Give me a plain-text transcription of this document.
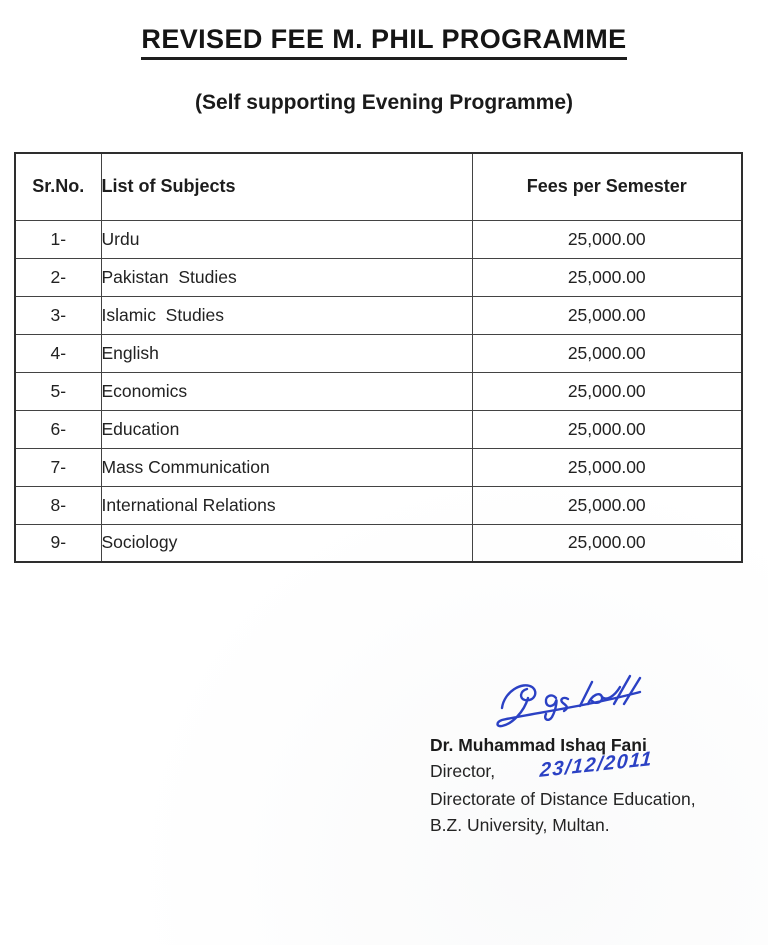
REVISED FEE M. PHIL PROGRAMME
(Self supporting Evening Programme)
Sr.No.	List of Subjects	Fees per Semester
1-	Urdu	25,000.00
2-	Pakistan  Studies	25,000.00
3-	Islamic  Studies	25,000.00
4-	English	25,000.00
5-	Economics	25,000.00
6-	Education	25,000.00
7-	Mass Communication	25,000.00
8-	International Relations	25,000.00
9-	Sociology	25,000.00
Dr. Muhammad Ishaq Fani
Director, 23/12/2011
Directorate of Distance Education,
B.Z. University, Multan.
